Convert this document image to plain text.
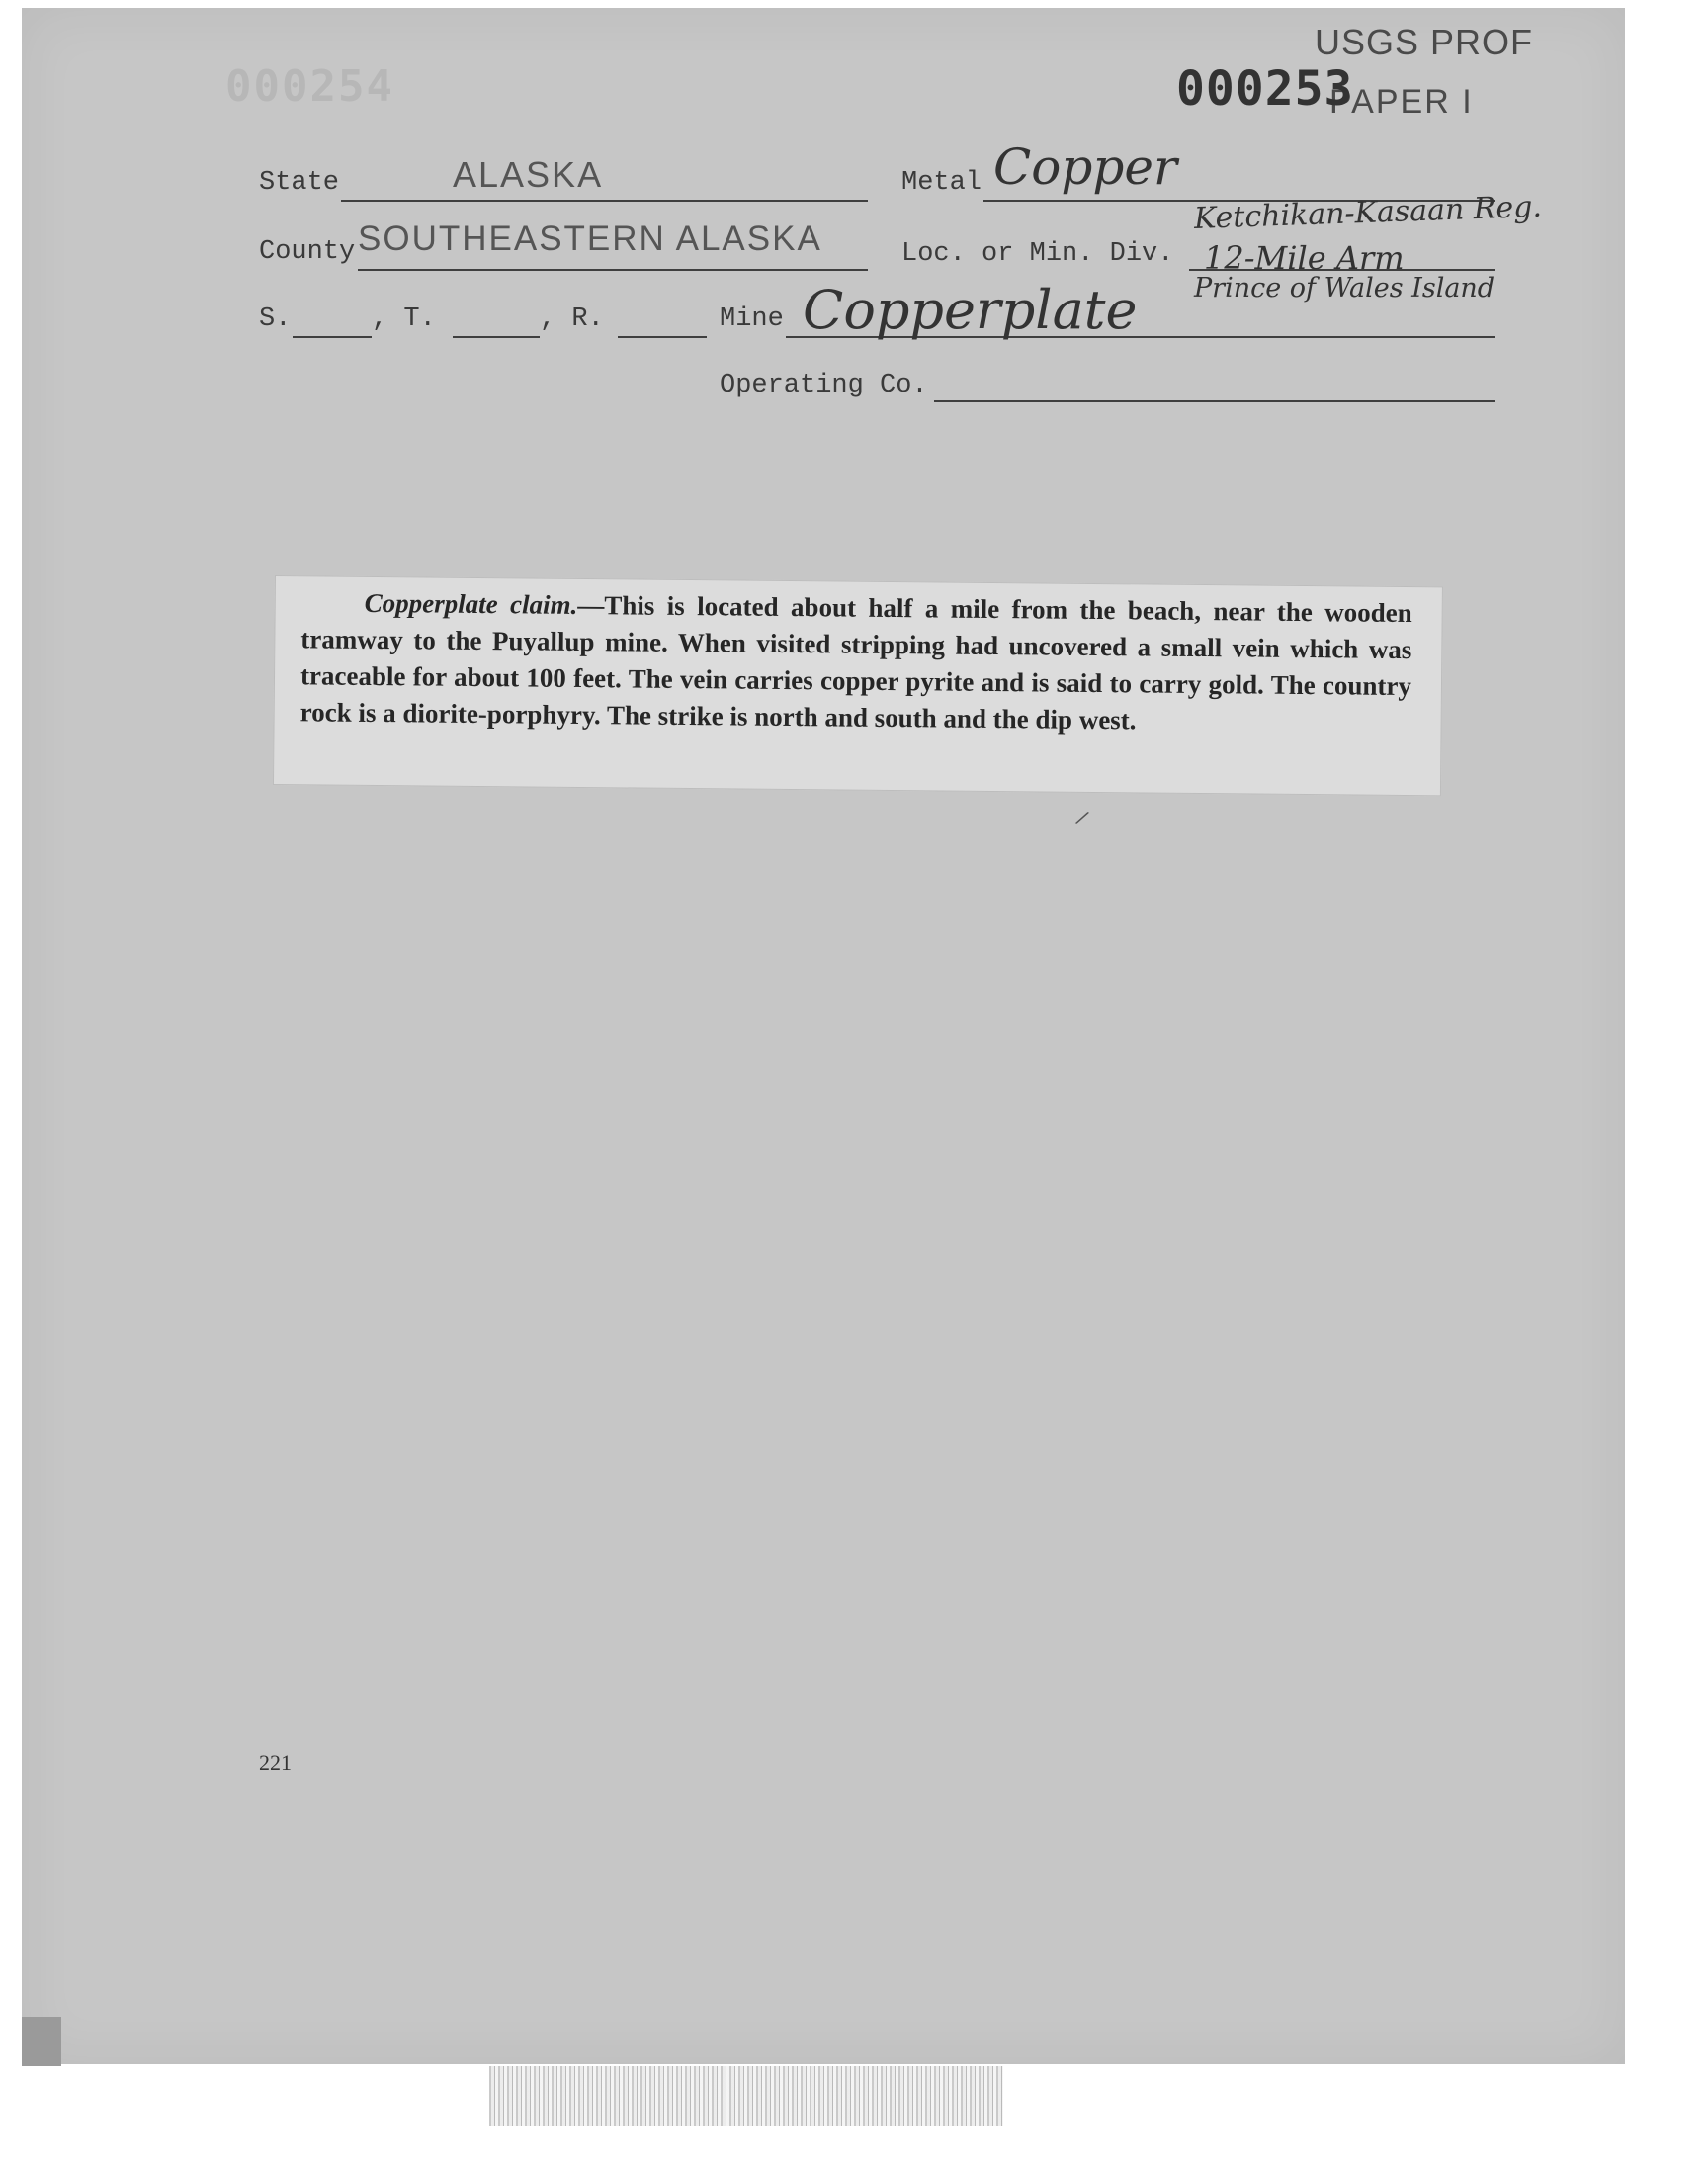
000254
USGS PROF
PAPER I
000253
State	ALASKA	Metal Copper
County SOUTHEASTERN ALASKA	Loc. or Min. Div.
Ketchikan-Kasaan Reg.
12-Mile Arm
Prince of Wales Island
S.	, T.	, R.	Mine Copperplate
Operating Co.

Copperplate claim.—This is located about half a mile from the beach, near the wooden tramway to the Puyallup mine. When visited stripping had uncovered a small vein which was traceable for about 100 feet. The vein carries copper pyrite and is said to carry gold. The country rock is a diorite-porphyry. The strike is north and south and the dip west.

/
221
